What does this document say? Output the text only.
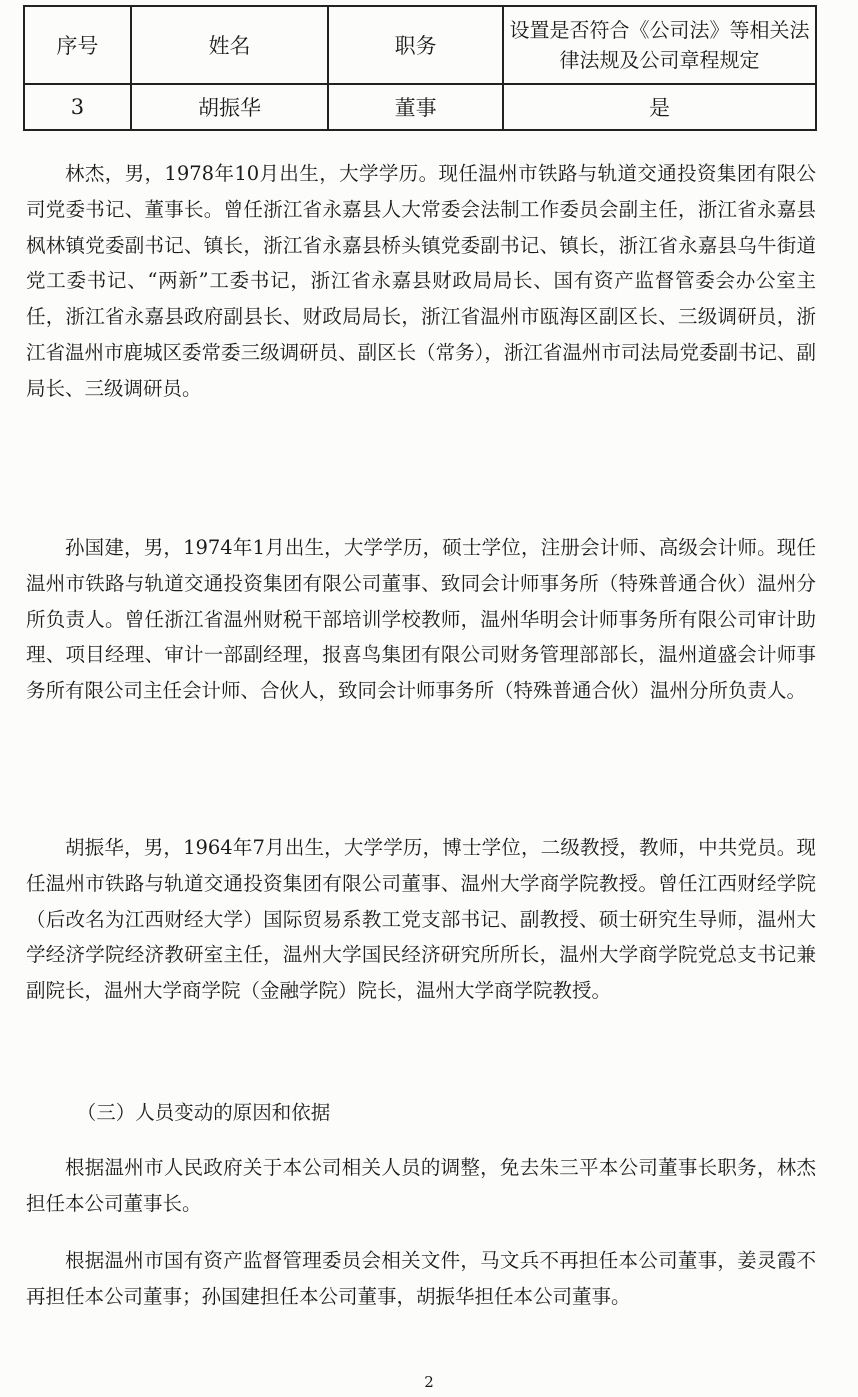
序号	姓名	职务	设置是否符合《公司法》等相关法律法规及公司章程规定
3	胡振华	董事	是

林杰，男，1978年10月出生，大学学历。现任温州市铁路与轨道交通投资集团有限公司党委书记、董事长。曾任浙江省永嘉县人大常委会法制工作委员会副主任，浙江省永嘉县枫林镇党委副书记、镇长，浙江省永嘉县桥头镇党委副书记、镇长，浙江省永嘉县乌牛街道党工委书记、“两新”工委书记，浙江省永嘉县财政局局长、国有资产监督管委会办公室主任，浙江省永嘉县政府副县长、财政局局长，浙江省温州市瓯海区副区长、三级调研员，浙江省温州市鹿城区委常委三级调研员、副区长（常务），浙江省温州市司法局党委副书记、副局长、三级调研员。

孙国建，男，1974年1月出生，大学学历，硕士学位，注册会计师、高级会计师。现任温州市铁路与轨道交通投资集团有限公司董事、致同会计师事务所（特殊普通合伙）温州分所负责人。曾任浙江省温州财税干部培训学校教师，温州华明会计师事务所有限公司审计助理、项目经理、审计一部副经理，报喜鸟集团有限公司财务管理部部长，温州道盛会计师事务所有限公司主任会计师、合伙人，致同会计师事务所（特殊普通合伙）温州分所负责人。

胡振华，男，1964年7月出生，大学学历，博士学位，二级教授，教师，中共党员。现任温州市铁路与轨道交通投资集团有限公司董事、温州大学商学院教授。曾任江西财经学院（后改名为江西财经大学）国际贸易系教工党支部书记、副教授、硕士研究生导师，温州大学经济学院经济教研室主任，温州大学国民经济研究所所长，温州大学商学院党总支书记兼副院长，温州大学商学院（金融学院）院长，温州大学商学院教授。

（三）人员变动的原因和依据

根据温州市人民政府关于本公司相关人员的调整，免去朱三平本公司董事长职务，林杰担任本公司董事长。

根据温州市国有资产监督管理委员会相关文件，马文兵不再担任本公司董事，姜灵霞不再担任本公司董事；孙国建担任本公司董事，胡振华担任本公司董事。

2
